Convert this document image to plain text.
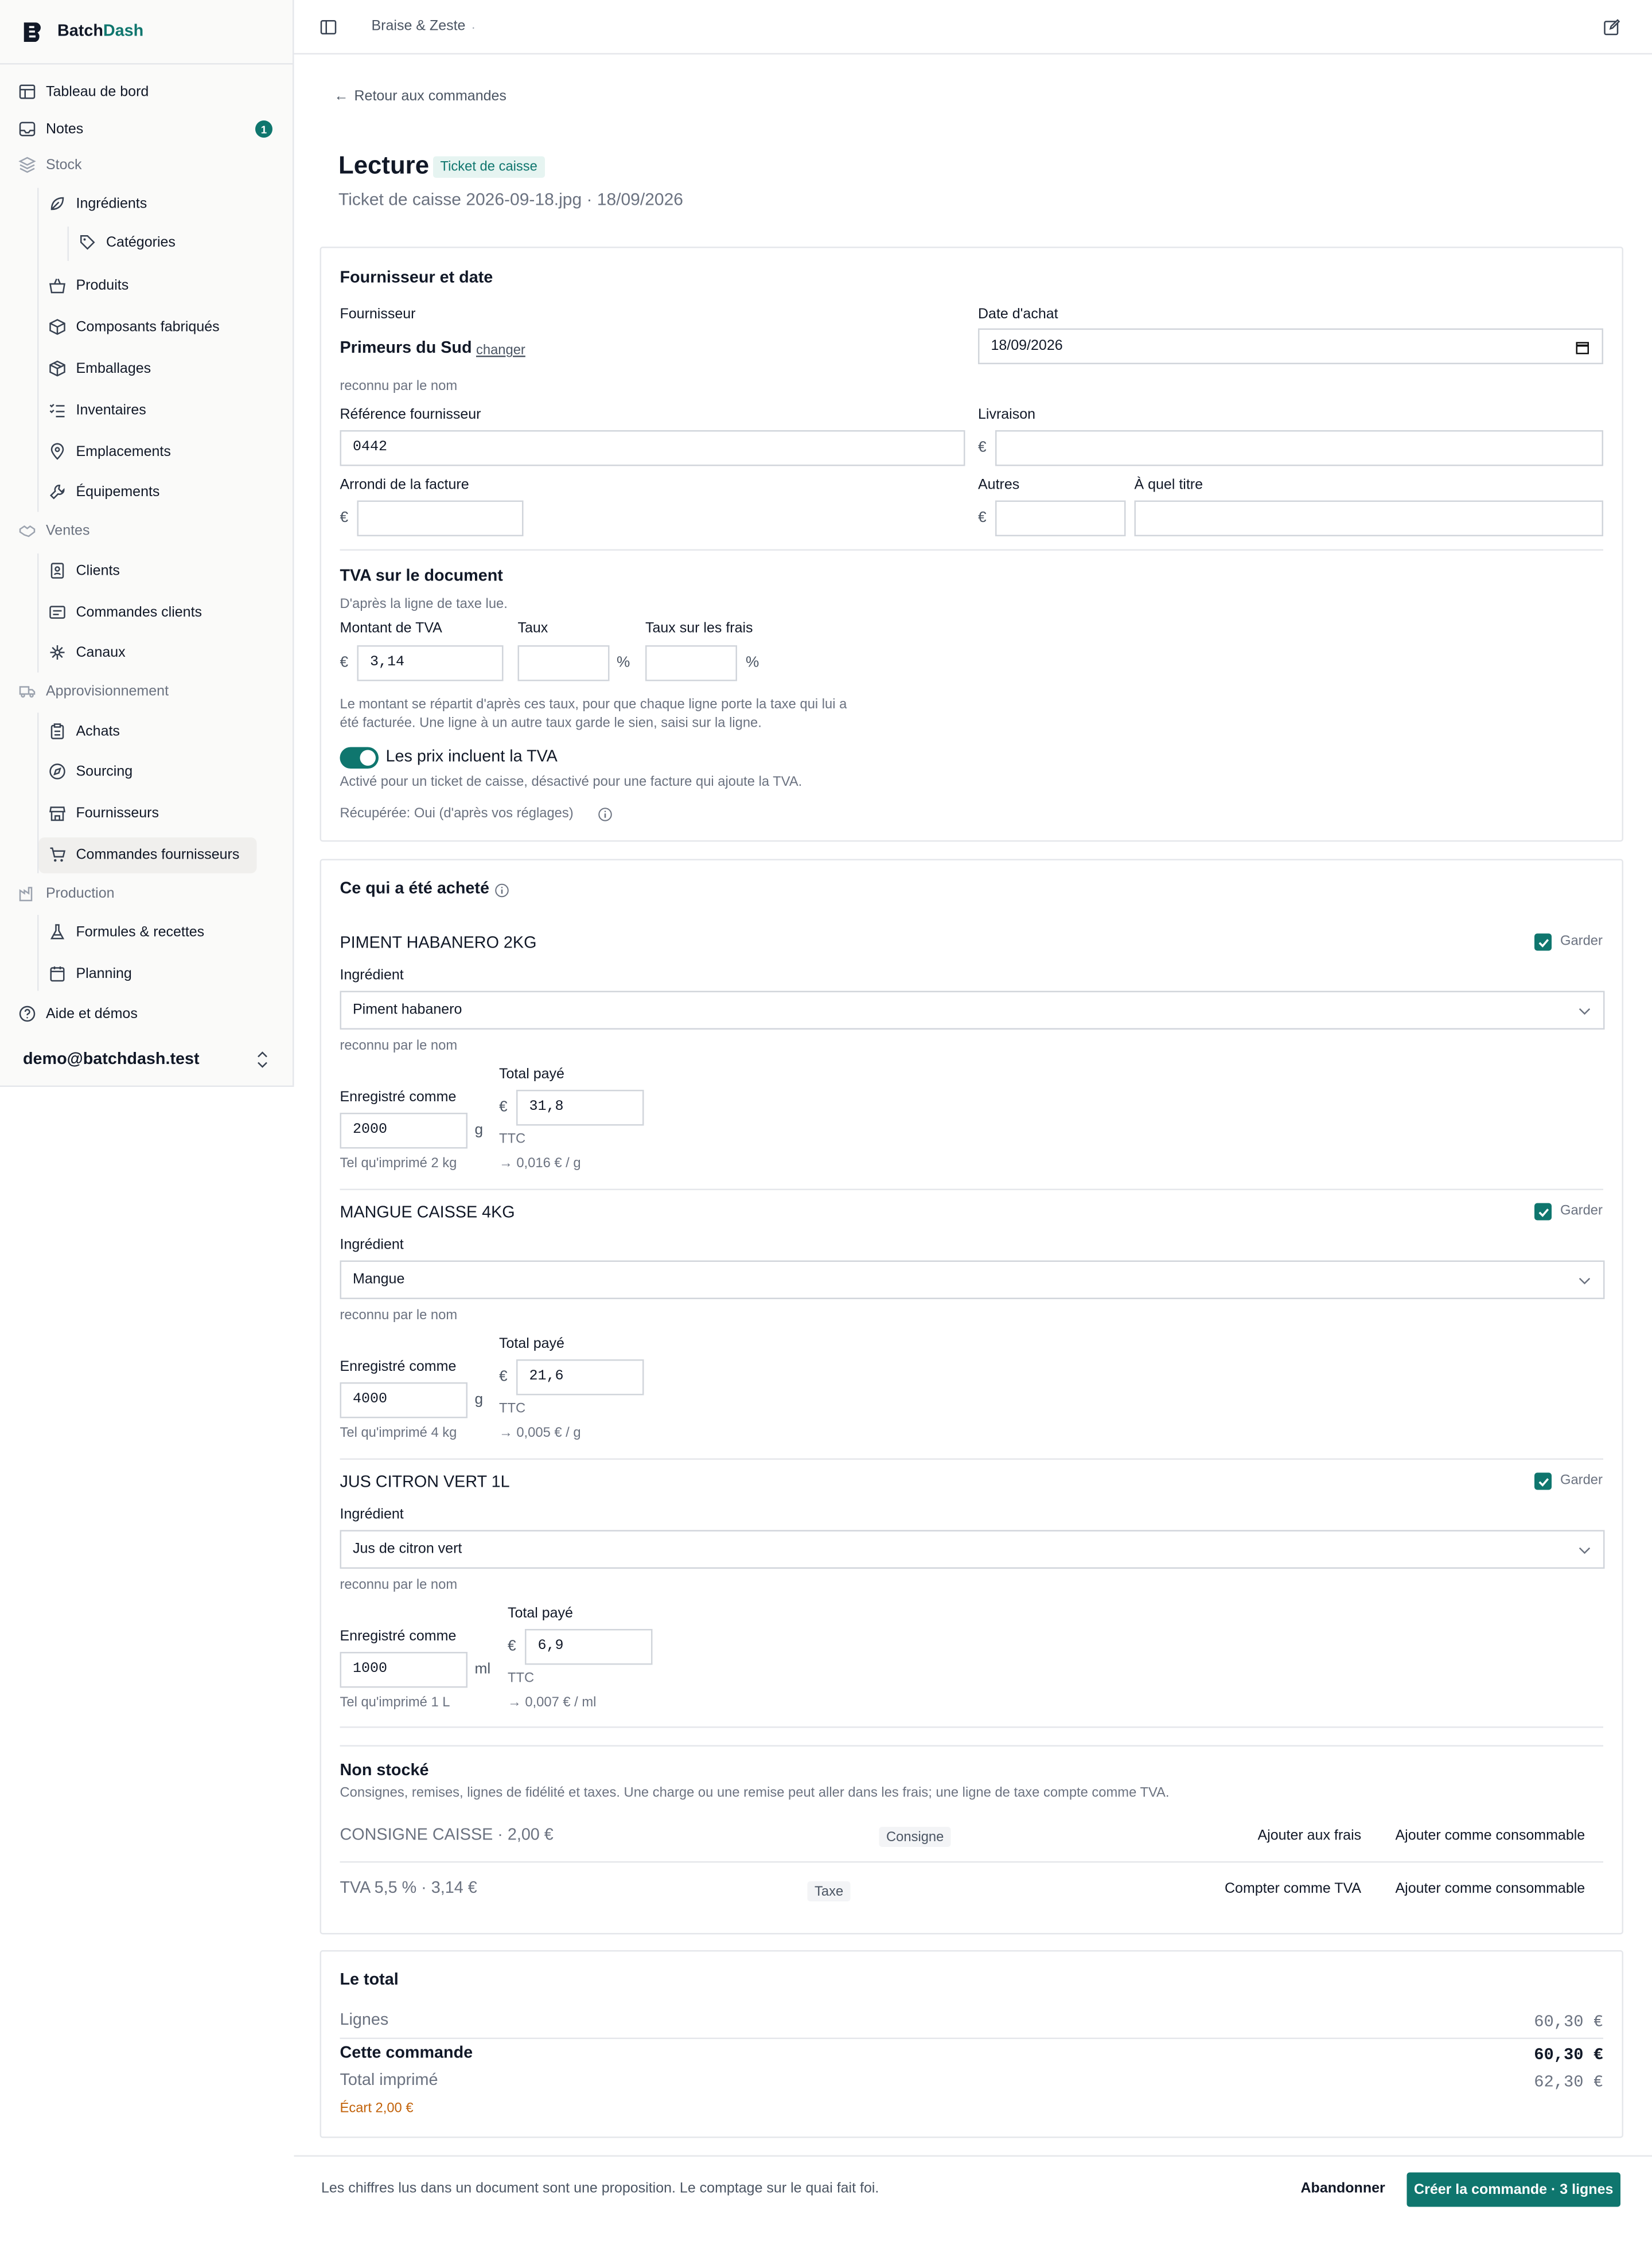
BatchDash
Tableau de bord
Notes	1
Stock
Ingrédients
Catégories
Produits
Composants fabriqués
Emballages
Inventaires
Emplacements
Équipements
Ventes
Clients
Commandes clients
Canaux
Approvisionnement
Achats
Sourcing
Fournisseurs
Commandes fournisseurs
Production
Formules & recettes
Planning
Aide et démos
demo@batchdash.test
Braise & Zeste ·
← Retour aux commandes
Lecture	Ticket de caisse
Ticket de caisse 2026-09-18.jpg · 18/09/2026
Fournisseur et date
Fournisseur
Primeurs du Sud changer
reconnu par le nom
Date d'achat
18/09/2026
Référence fournisseur
0442
Livraison
€
Arrondi de la facture
€
Autres
€
À quel titre
TVA sur le document
D'après la ligne de taxe lue.
Montant de TVA
€	3,14
Taux
%
Taux sur les frais
%
Le montant se répartit d'après ces taux, pour que chaque ligne porte la taxe qui lui a
été facturée. Une ligne à un autre taux garde le sien, saisi sur la ligne.
Les prix incluent la TVA
Activé pour un ticket de caisse, désactivé pour une facture qui ajoute la TVA.
Récupérée: Oui (d'après vos réglages)
Ce qui a été acheté
PIMENT HABANERO 2KG	Garder
Ingrédient
Piment habanero
reconnu par le nom
Total payé
Enregistré comme
€	31,8
2000	g
TTC
Tel qu'imprimé 2 kg	→ 0,016 € / g
MANGUE CAISSE 4KG	Garder
Ingrédient
Mangue
reconnu par le nom
Total payé
Enregistré comme
€	21,6
4000	g
TTC
Tel qu'imprimé 4 kg	→ 0,005 € / g
JUS CITRON VERT 1L	Garder
Ingrédient
Jus de citron vert
reconnu par le nom
Total payé
Enregistré comme
€	6,9
1000	ml
TTC
Tel qu'imprimé 1 L	→ 0,007 € / ml
Non stocké
Consignes, remises, lignes de fidélité et taxes. Une charge ou une remise peut aller dans les frais; une ligne de taxe compte comme TVA.
CONSIGNE CAISSE · 2,00 €	Consigne	Ajouter aux frais	Ajouter comme consommable
TVA 5,5 % · 3,14 €	Taxe	Compter comme TVA	Ajouter comme consommable
Le total
Lignes	60,30 €
Cette commande	60,30 €
Total imprimé	62,30 €
Écart 2,00 €
Les chiffres lus dans un document sont une proposition. Le comptage sur le quai fait foi.	Abandonner	Créer la commande · 3 lignes
